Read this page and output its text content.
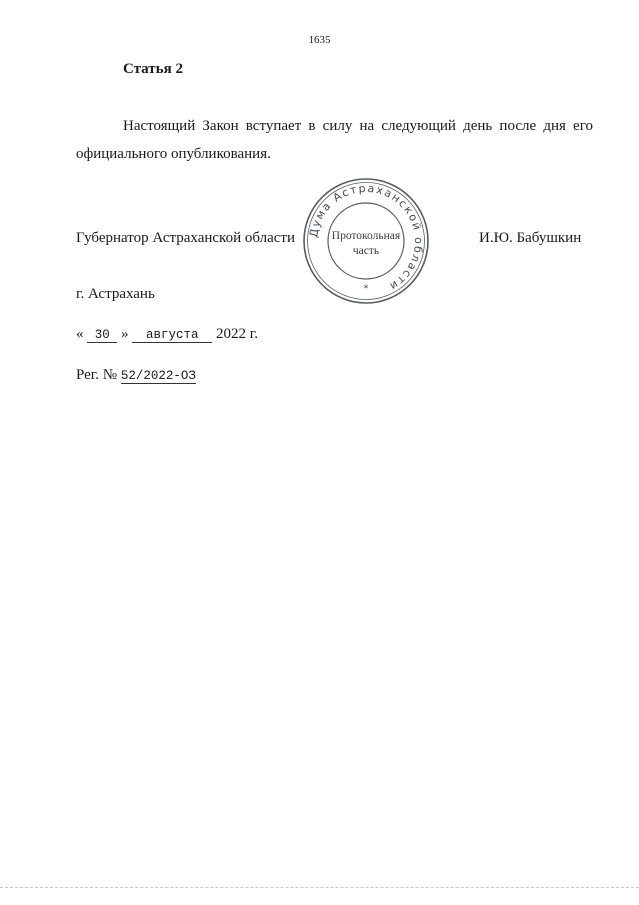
1635
Статья 2
Настоящий Закон вступает в силу на следующий день после дня его официального опубликования.
Губернатор Астраханской области Дума Астраханской области
Протокольная
часть
*
И.Ю. Бабушкин
г. Астрахань
« 30 » августа 2022 г.
Рег. № 52/2022-ОЗ
